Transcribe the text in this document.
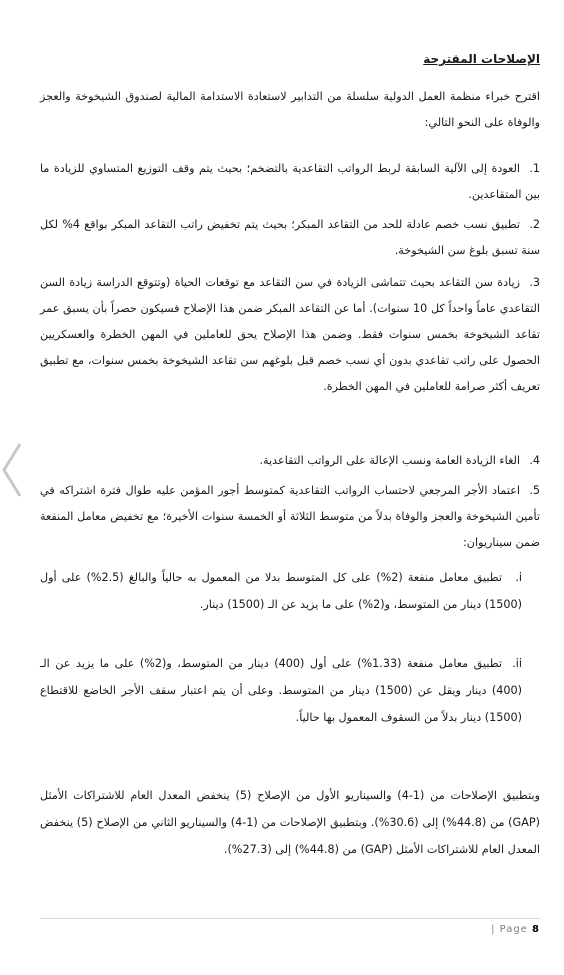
الإصلاحات المقترحة
اقترح خبراء منظمة العمل الدولية سلسلة من التدابير لاستعادة الاستدامة المالية لصندوق الشيخوخة والعجز والوفاة على النحو التالي:
1.العودة إلى الآلية السابقة لربط الرواتب التقاعدية بالتضخم؛ بحيث يتم وقف التوزيع المتساوي للزيادة ما بين المتقاعدين.
2.تطبيق نسب خصم عادلة للحد من التقاعد المبكر؛ بحيث يتم تخفيض راتب التقاعد المبكر بواقع 4% لكل سنة تسبق بلوغ سن الشيخوخة.
3.زيادة سن التقاعد بحيث تتماشى الزيادة في سن التقاعد مع توقعات الحياة (وتتوقع الدراسة زيادة السن التقاعدي عاماً واحداً كل 10 سنوات). أما عن التقاعد المبكر ضمن هذا الإصلاح فسيكون حصراً بأن يسبق عمر تقاعد الشيخوخة بخمس سنوات فقط. وضمن هذا الإصلاح يحق للعاملين في المهن الخطرة والعسكريين الحصول على راتب تقاعدي بدون أي نسب خصم قبل بلوغهم سن تقاعد الشيخوخة بخمس سنوات، مع تطبيق تعريف أكثر صرامة للعاملين في المهن الخطرة.
4.الغاء الزيادة العامة ونسب الإعالة على الرواتب التقاعدية.
5.اعتماد الأجر المرجعي لاحتساب الرواتب التقاعدية كمتوسط أجور المؤمن عليه طوال فترة اشتراكه في تأمين الشيخوخة والعجز والوفاة بدلاً من متوسط الثلاثة أو الخمسة سنوات الأخيرة؛ مع تخفيض معامل المنفعة ضمن سيناريوان:
i.تطبيق معامل منفعة (2%) على كل المتوسط بدلا من المعمول به حالياً والبالغ (2.5%) على أول (1500) دينار من المتوسط، و(2%) على ما يزيد عن الـ (1500) دينار.
ii.تطبيق معامل منفعة (1.33%) على أول (400) دينار من المتوسط، و(2%) على ما يزيد عن الـ (400) دينار ويقل عن (1500) دينار من المتوسط. وعلى أن يتم اعتبار سقف الأجر الخاضع للاقتطاع (1500) دينار بدلاً من السقوف المعمول بها حالياً.
وبتطبيق الإصلاحات من (1-4) والسيناريو الأول من الإصلاح (5) ينخفض المعدل العام للاشتراكات الأمثل (GAP) من (44.8%) إلى (30.6%). وبتطبيق الإصلاحات من (1-4) والسيناريو الثاني من الإصلاح (5) ينخفض المعدل العام للاشتراكات الأمثل (GAP) من (44.8%) إلى (27.3%).
| Page 8
